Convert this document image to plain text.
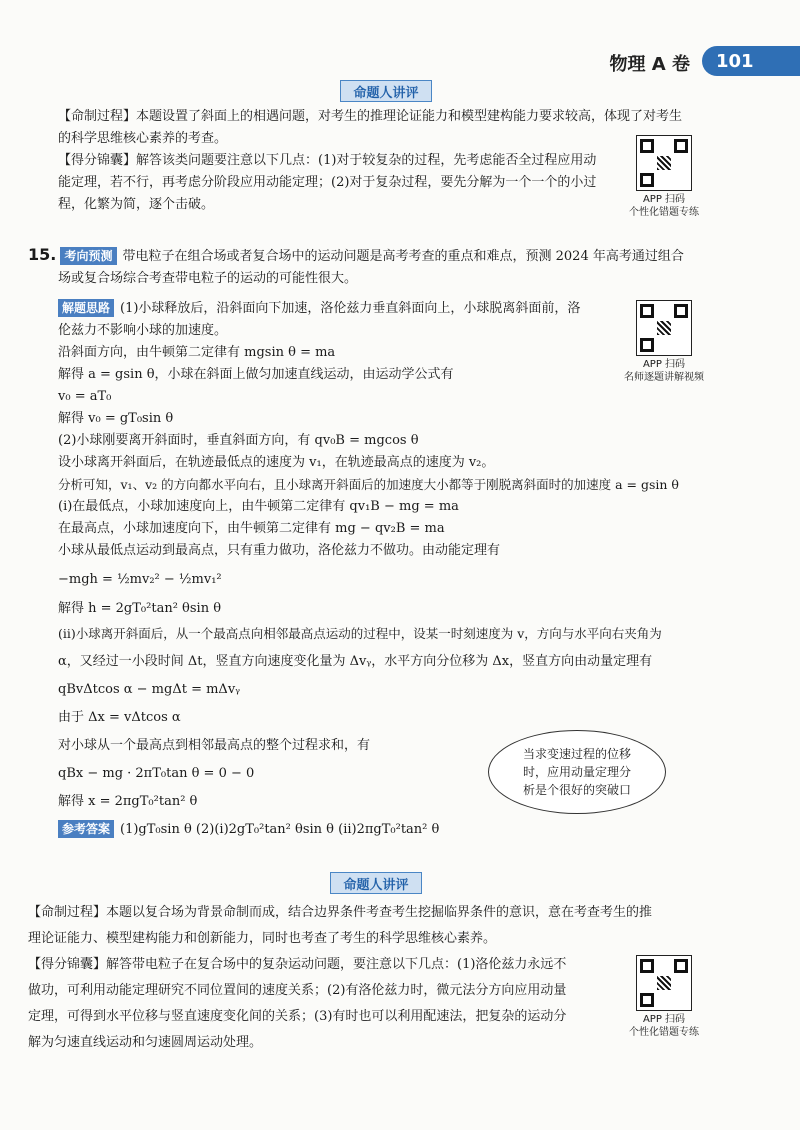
物理 A 卷	101
命题人讲评
【命制过程】本题设置了斜面上的相遇问题，对考生的推理论证能力和模型建构能力要求较高，体现了对考生
的科学思维核心素养的考查。
【得分锦囊】解答该类问题要注意以下几点：(1)对于较复杂的过程，先考虑能否全过程应用动
能定理，若不行，再考虑分阶段应用动能定理；(2)对于复杂过程，要先分解为一个一个的小过
程，化繁为简，逐个击破。	APP 扫码
个性化错题专练
15. 考向预测 带电粒子在组合场或者复合场中的运动问题是高考考查的重点和难点，预测 2024 年高考通过组合
场或复合场综合考查带电粒子的运动的可能性很大。
解题思路 (1)小球释放后，沿斜面向下加速，洛伦兹力垂直斜面向上，小球脱离斜面前，洛
伦兹力不影响小球的加速度。
沿斜面方向，由牛顿第二定律有 mgsin θ = ma
解得 a = gsin θ，小球在斜面上做匀加速直线运动，由运动学公式有
v₀ = aT₀
解得 v₀ = gT₀sin θ
(2)小球刚要离开斜面时，垂直斜面方向，有 qv₀B = mgcos θ
设小球离开斜面后，在轨迹最低点的速度为 v₁，在轨迹最高点的速度为 v₂。
分析可知，v₁、v₂ 的方向都水平向右，且小球离开斜面后的加速度大小都等于刚脱离斜面时的加速度 a = gsin θ
(i)在最低点，小球加速度向上，由牛顿第二定律有 qv₁B − mg = ma
在最高点，小球加速度向下，由牛顿第二定律有 mg − qv₂B = ma
小球从最低点运动到最高点，只有重力做功，洛伦兹力不做功。由动能定理有
−mgh = ½mv₂² − ½mv₁²
解得 h = 2gT₀²tan² θsin θ
(ii)小球离开斜面后，从一个最高点向相邻最高点运动的过程中，设某一时刻速度为 v，方向与水平向右夹角为
α，又经过一小段时间 Δt，竖直方向速度变化量为 Δvᵧ，水平方向分位移为 Δx，竖直方向由动量定理有
qBvΔtcos α − mgΔt = mΔvᵧ
由于 Δx = vΔtcos α
对小球从一个最高点到相邻最高点的整个过程求和，有
qBx − mg · 2πT₀tan θ = 0 − 0
解得 x = 2πgT₀²tan² θ
参考答案 (1)gT₀sin θ (2)(i)2gT₀²tan² θsin θ (ii)2πgT₀²tan² θ
APP 扫码
名师逐题讲解视频
当求变速过程的位移
时，应用动量定理分
析是个很好的突破口
命题人讲评
【命制过程】本题以复合场为背景命制而成，结合边界条件考查考生挖掘临界条件的意识，意在考查考生的推
理论证能力、模型建构能力和创新能力，同时也考查了考生的科学思维核心素养。
【得分锦囊】解答带电粒子在复合场中的复杂运动问题，要注意以下几点：(1)洛伦兹力永远不
做功，可利用动能定理研究不同位置间的速度关系；(2)有洛伦兹力时，微元法分方向应用动量
定理，可得到水平位移与竖直速度变化间的关系；(3)有时也可以利用配速法，把复杂的运动分
解为匀速直线运动和匀速圆周运动处理。
APP 扫码
个性化错题专练
